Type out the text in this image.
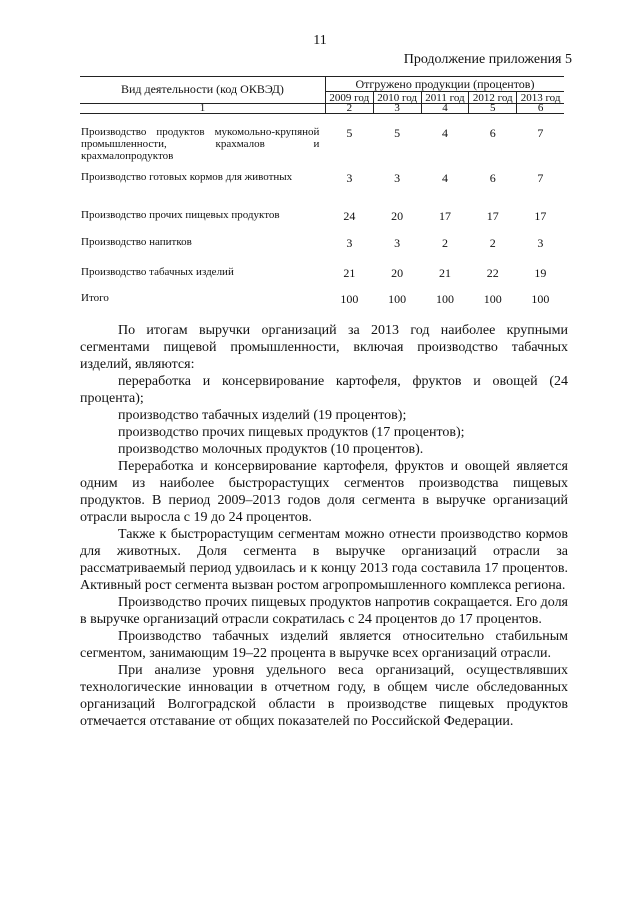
11
Продолжение приложения 5
Вид деятельности (код ОКВЭД)	Отгружено продукции (процентов)				
	2009 год	2010 год	2011 год	2012 год	2013 год
1	2	3	4	5	6
Производство продуктов мукомольно-крупяной промышленности, крахмалов и крахмалопродуктов	5	5	4	6	7
Производство готовых кормов для животных	3	3	4	6	7
Производство прочих пищевых продуктов	24	20	17	17	17
Производство напитков	3	3	2	2	3
Производство табачных изделий	21	20	21	22	19
Итого	100	100	100	100	100

По итогам выручки организаций за 2013 год наиболее крупными сегментами пищевой промышленности, включая производство табачных изделий, являются:

переработка и консервирование картофеля, фруктов и овощей (24 процента);

производство табачных изделий (19 процентов);

производство прочих пищевых продуктов (17 процентов);

производство молочных продуктов (10 процентов).

Переработка и консервирование картофеля, фруктов и овощей является одним из наиболее быстрорастущих сегментов производства пищевых продуктов. В период 2009–2013 годов доля сегмента в выручке организаций отрасли выросла с 19 до 24 процентов.

Также к быстрорастущим сегментам можно отнести производство кормов для животных. Доля сегмента в выручке организаций отрасли за рассматриваемый период удвоилась и к концу 2013 года составила 17 процентов. Активный рост сегмента вызван ростом агропромышленного комплекса региона.

Производство прочих пищевых продуктов напротив сокращается. Его доля в выручке организаций отрасли сократилась с 24 процентов до 17 процентов.

Производство табачных изделий является относительно стабильным сегментом, занимающим 19–22 процента в выручке всех организаций отрасли.

При анализе уровня удельного веса организаций, осуществлявших технологические инновации в отчетном году, в общем числе обследованных организаций Волгоградской области в производстве пищевых продуктов отмечается отставание от общих показателей по Российской Федерации.
